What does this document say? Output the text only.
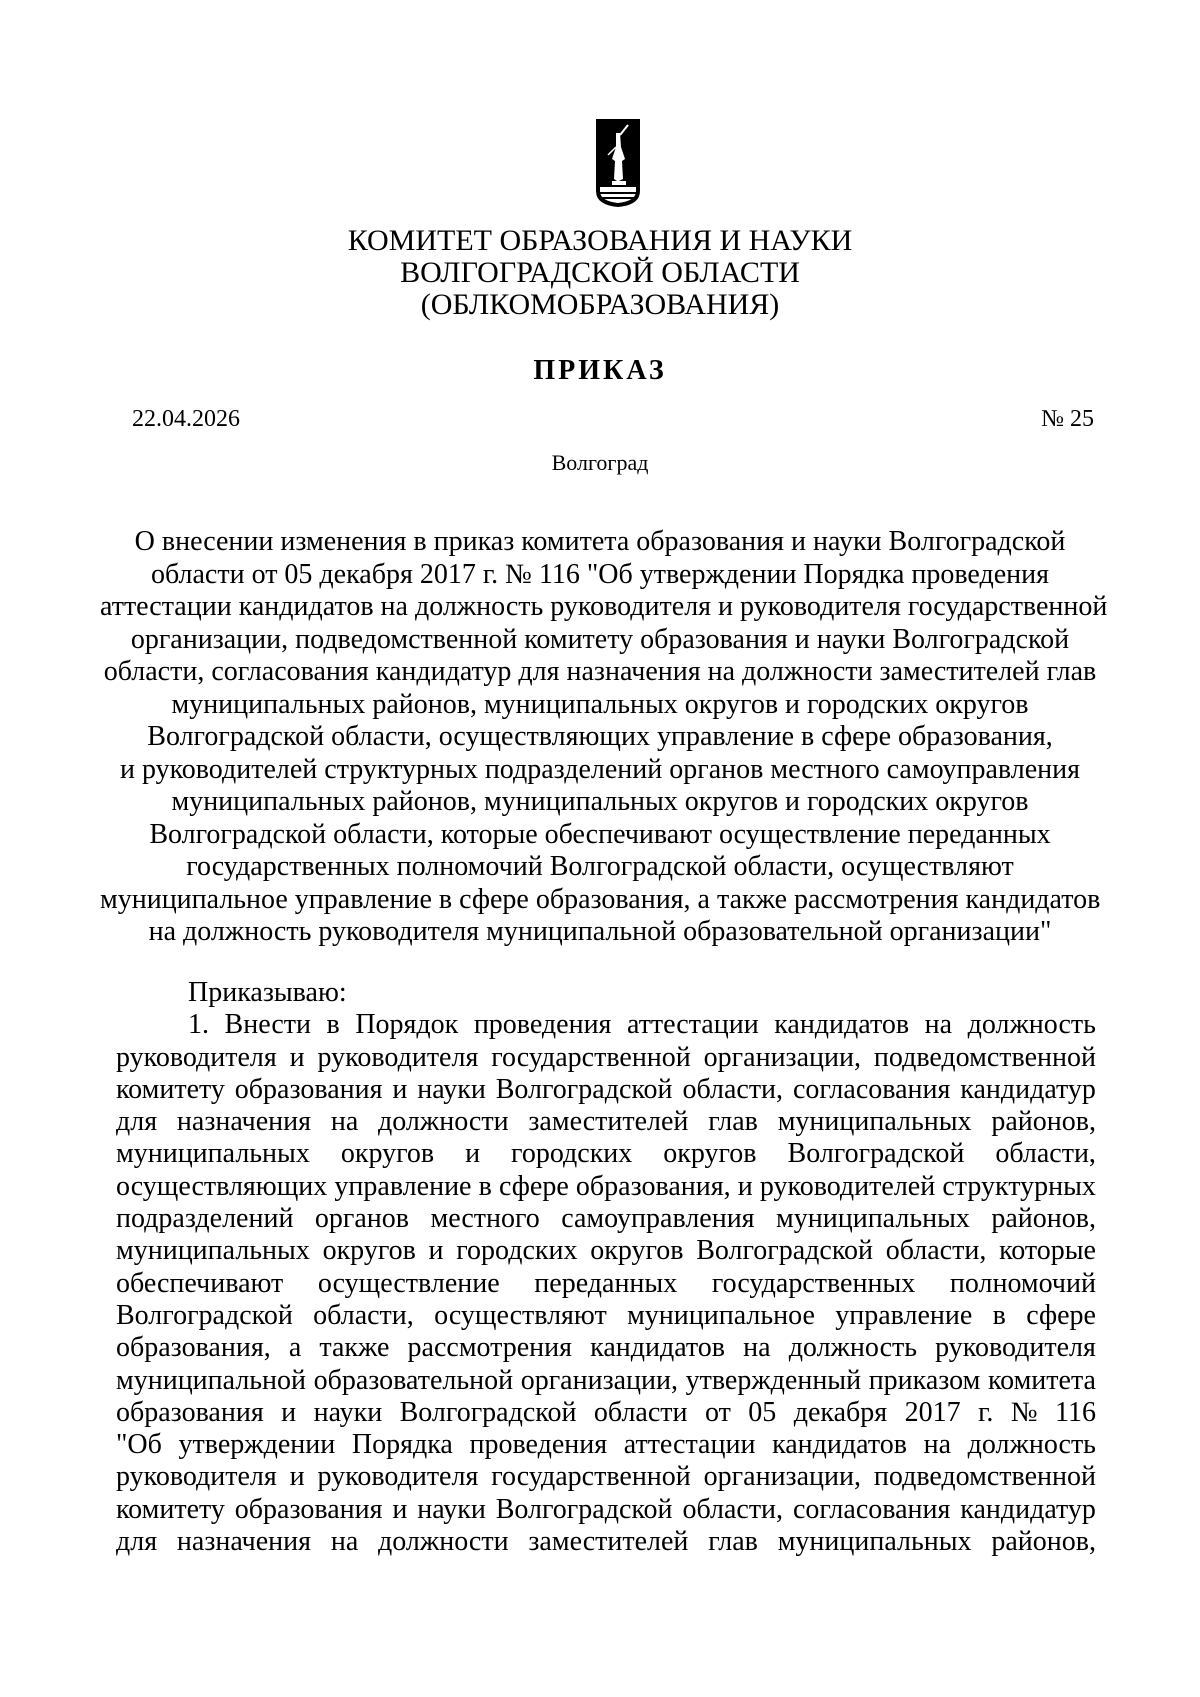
КОМИТЕТ ОБРАЗОВАНИЯ И НАУКИ
ВОЛГОГРАДСКОЙ ОБЛАСТИ
(ОБЛКОМОБРАЗОВАНИЯ)
ПРИКАЗ
22.04.2026	№ 25
Волгоград
О внесении изменения в приказ комитета образования и науки Волгоградской
области от 05 декабря 2017 г. № 116 "Об утверждении Порядка проведения
аттестации кандидатов на должность руководителя и руководителя государственной
организации, подведомственной комитету образования и науки Волгоградской
области, согласования кандидатур для назначения на должности заместителей глав
муниципальных районов, муниципальных округов и городских округов
Волгоградской области, осуществляющих управление в сфере образования,
и руководителей структурных подразделений органов местного самоуправления
муниципальных районов, муниципальных округов и городских округов
Волгоградской области, которые обеспечивают осуществление переданных
государственных полномочий Волгоградской области, осуществляют
муниципальное управление в сфере образования, а также рассмотрения кандидатов
на должность руководителя муниципальной образовательной организации"
Приказываю:
1. Внести в Порядок проведения аттестации кандидатов на должность
руководителя и руководителя государственной организации, подведомственной
комитету образования и науки Волгоградской области, согласования кандидатур
для назначения на должности заместителей глав муниципальных районов,
муниципальных округов и городских округов Волгоградской области,
осуществляющих управление в сфере образования, и руководителей структурных
подразделений органов местного самоуправления муниципальных районов,
муниципальных округов и городских округов Волгоградской области, которые
обеспечивают осуществление переданных государственных полномочий
Волгоградской области, осуществляют муниципальное управление в сфере
образования, а также рассмотрения кандидатов на должность руководителя
муниципальной образовательной организации, утвержденный приказом комитета
образования и науки Волгоградской области от 05 декабря 2017 г. № 116
"Об утверждении Порядка проведения аттестации кандидатов на должность
руководителя и руководителя государственной организации, подведомственной
комитету образования и науки Волгоградской области, согласования кандидатур
для назначения на должности заместителей глав муниципальных районов,
